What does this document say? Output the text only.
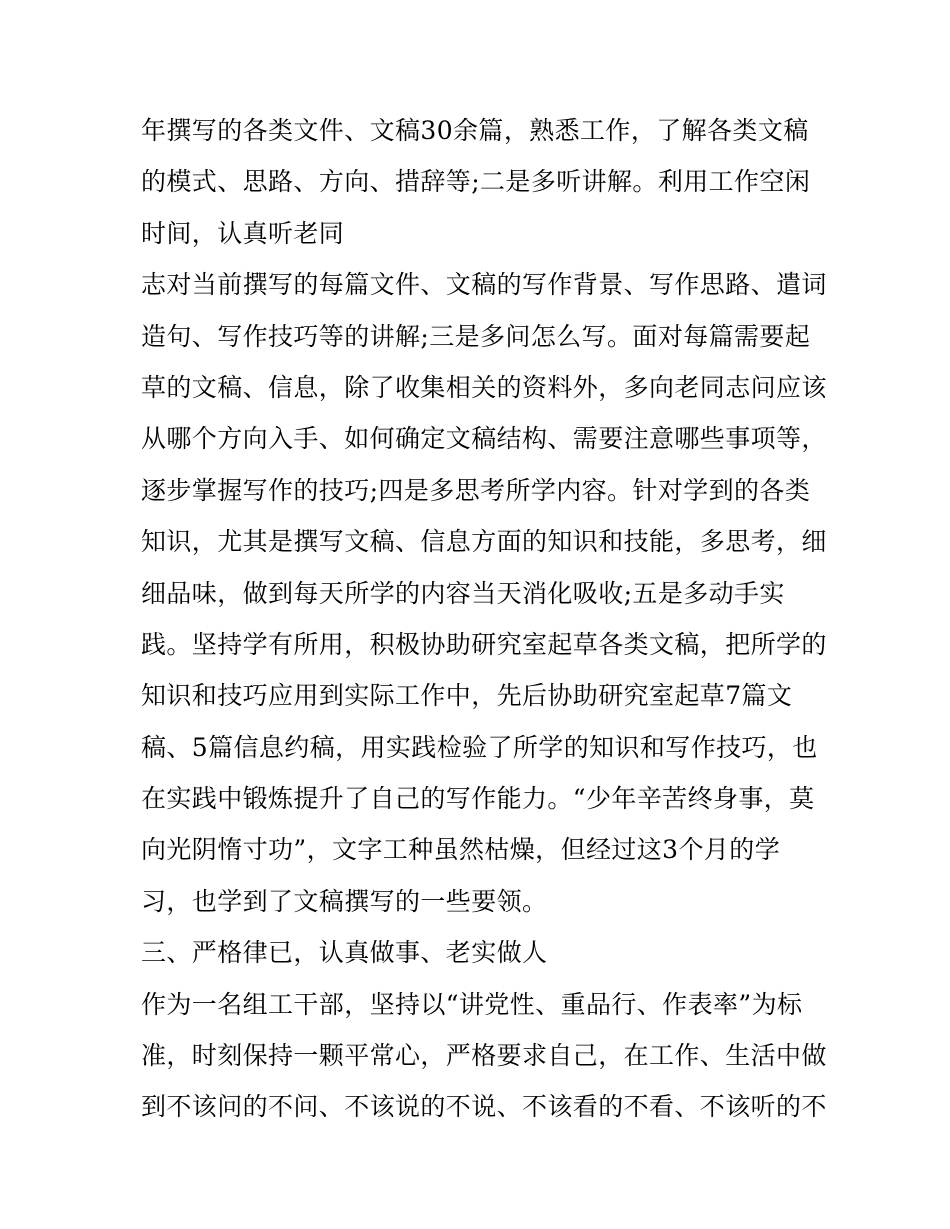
年撰写的各类文件、文稿30余篇，熟悉工作，了解各类文稿
的模式、思路、方向、措辞等;二是多听讲解。利用工作空闲
时间，认真听老同
志对当前撰写的每篇文件、文稿的写作背景、写作思路、遣词
造句、写作技巧等的讲解;三是多问怎么写。面对每篇需要起
草的文稿、信息，除了收集相关的资料外，多向老同志问应该
从哪个方向入手、如何确定文稿结构、需要注意哪些事项等，
逐步掌握写作的技巧;四是多思考所学内容。针对学到的各类
知识，尤其是撰写文稿、信息方面的知识和技能，多思考，细
细品味，做到每天所学的内容当天消化吸收;五是多动手实
践。坚持学有所用，积极协助研究室起草各类文稿，把所学的
知识和技巧应用到实际工作中，先后协助研究室起草7篇文
稿、5篇信息约稿，用实践检验了所学的知识和写作技巧，也
在实践中锻炼提升了自己的写作能力。“少年辛苦终身事，莫
向光阴惰寸功”，文字工种虽然枯燥，但经过这3个月的学
习，也学到了文稿撰写的一些要领。
三、严格律已，认真做事、老实做人
作为一名组工干部，坚持以“讲党性、重品行、作表率”为标
准，时刻保持一颗平常心，严格要求自己，在工作、生活中做
到不该问的不问、不该说的不说、不该看的不看、不该听的不
